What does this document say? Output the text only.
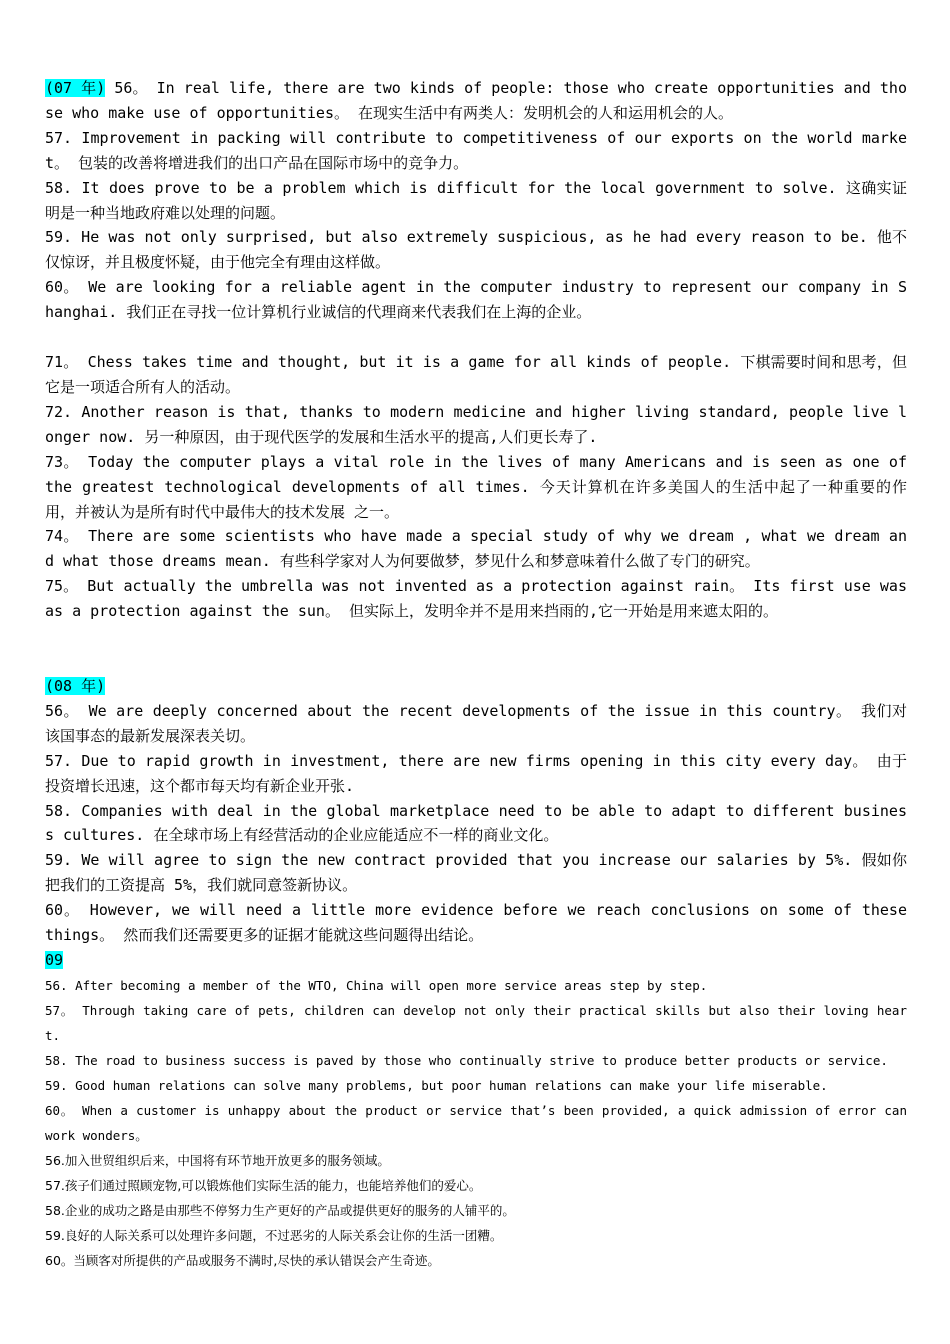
(07 年) 56。 In real life, there are two kinds of people: those who create opportunities and those who make use of opportunities。 在现实生活中有两类人：发明机会的人和运用机会的人。

57. Improvement in packing will contribute to competitiveness of our exports on the world market。 包装的改善将增进我们的出口产品在国际市场中的竞争力。

58. It does prove to be a problem which is difficult for the local government to solve. 这确实证明是一种当地政府难以处理的问题。

59. He was not only surprised, but also extremely suspicious, as he had every reason to be. 他不仅惊讶，并且极度怀疑，由于他完全有理由这样做。

60。 We are looking for a reliable agent in the computer industry to represent our company in Shanghai. 我们正在寻找一位计算机行业诚信的代理商来代表我们在上海的企业。

71。 Chess takes time and thought, but it is a game for all kinds of people. 下棋需要时间和思考，但它是一项适合所有人的活动。

72. Another reason is that, thanks to modern medicine and higher living standard, people live longer now. 另一种原因，由于现代医学的发展和生活水平的提高,人们更长寿了.

73。 Today the computer plays a vital role in the lives of many Americans and is seen as one of the greatest technological developments of all times. 今天计算机在许多美国人的生活中起了一种重要的作用，并被认为是所有时代中最伟大的技术发展 之一。

74。 There are some scientists who have made a special study of why we dream , what we dream and what those dreams mean. 有些科学家对人为何要做梦，梦见什么和梦意味着什么做了专门的研究。

75。 But actually the umbrella was not invented as a protection against rain。 Its first use was as a protection against the sun。 但实际上，发明伞并不是用来挡雨的,它一开始是用来遮太阳的。

(08 年)

56。 We are deeply concerned about the recent developments of the issue in this country。 我们对该国事态的最新发展深表关切。

57. Due to rapid growth in investment, there are new firms opening in this city every day。 由于投资增长迅速，这个都市每天均有新企业开张.

58. Companies with deal in the global marketplace need to be able to adapt to different business cultures. 在全球市场上有经营活动的企业应能适应不一样的商业文化。

59. We will agree to sign the new contract provided that you increase our salaries by 5%. 假如你把我们的工资提高 5%，我们就同意签新协议。

60。 However, we will need a little more evidence before we reach conclusions on some of these things。 然而我们还需要更多的证据才能就这些问题得出结论。

09

56. After becoming a member of the WTO, China will open more service areas step by step.

57。 Through taking care of pets, children can develop not only their practical skills but also their loving heart.

58. The road to business success is paved by those who continually strive to produce better products or service.

59. Good human relations can solve many problems, but poor human relations can make your life miserable.

60。 When a customer is unhappy about the product or service that’s been provided, a quick admission of error can work wonders。

56.加入世贸组织后来，中国将有环节地开放更多的服务领域。

57.孩子们通过照顾宠物,可以锻炼他们实际生活的能力，也能培养他们的爱心。

58.企业的成功之路是由那些不停努力生产更好的产品或提供更好的服务的人铺平的。

59.良好的人际关系可以处理许多问题，不过恶劣的人际关系会让你的生活一团糟。

60。当顾客对所提供的产品或服务不满时,尽快的承认错误会产生奇迹。
